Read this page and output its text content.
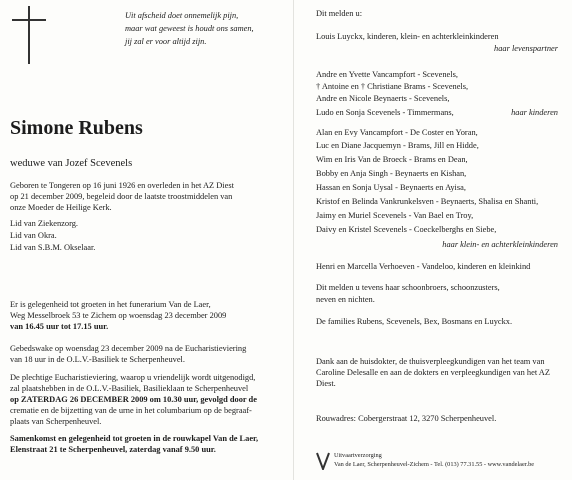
Uit afscheid doet onnemelijk pijn,
maar wat geweest is houdt ons samen,
jij zal er voor altijd zijn.
Simone Rubens
weduwe van Jozef Scevenels
Geboren te Tongeren op 16 juni 1926 en overleden in het AZ Diest
op 21 december 2009, begeleid door de laatste troostmiddelen van
onze Moeder de Heilige Kerk.
Lid van Ziekenzorg.
Lid van Okra.
Lid van S.B.M. Okselaar.
Er is gelegenheid tot groeten in het funerarium Van de Laer,
Weg Messelbroek 53 te Zichem op woensdag 23 december 2009
van 16.45 uur tot 17.15 uur.
Gebedswake op woensdag 23 december 2009 na de Eucharistieviering
van 18 uur in de O.L.V.-Basiliek te Scherpenheuvel.
De plechtige Eucharistieviering, waarop u vriendelijk wordt uitgenodigd,
zal plaatshebben in de O.L.V.-Basiliek, Basilieklaan te Scherpenheuvel
op ZATERDAG 26 DECEMBER 2009 om 10.30 uur, gevolgd door de
crematie en de bijzetting van de urne in het columbarium op de begraaf-
plaats van Scherpenheuvel.
Samenkomst en gelegenheid tot groeten in de rouwkapel Van de Laer,
Elenstraat 21 te Scherpenheuvel, zaterdag vanaf 9.50 uur.
Dit melden u:
Louis Luyckx, kinderen, klein- en achterkleinkinderen
haar levenspartner
Andre en Yvette Vancampfort - Scevenels,
† Antoine en † Christiane Brams - Scevenels,
Andre en Nicole Beynaerts - Scevenels,
Ludo en Sonja Scevenels - Timmermans,	haar kinderen
Alan en Evy Vancampfort - De Coster en Yoran,
Luc en Diane Jacquemyn - Brams, Jill en Hidde,
Wim en Iris Van de Broeck - Brams en Dean,
Bobby en Anja Singh - Beynaerts en Kishan,
Hassan en Sonja Uysal - Beynaerts en Ayisa,
Kristof en Belinda Vankrunkelsven - Beynaerts, Shalisa en Shanti,
Jaimy en Muriel Scevenels - Van Bael en Troy,
Daivy en Kristel Scevenels - Coeckelberghs en Siebe,
haar klein- en achterkleinkinderen
Henri en Marcella Verhoeven - Vandeloo, kinderen en kleinkind
Dit melden u tevens haar schoonbroers, schoonzusters,
neven en nichten.
De families Rubens, Scevenels, Bex, Bosmans en Luyckx.
Dank aan de huisdokter, de thuisverpleegkundigen van het team van
Caroline Delesalle en aan de dokters en verpleegkundigen van het AZ
Diest.
Rouwadres: Cobergerstraat 12, 3270 Scherpenheuvel.
Uitvaartverzorging
Van de Laer, Scherpenheuvel-Zichem - Tel. (013) 77.31.55 - www.vandelaer.be
